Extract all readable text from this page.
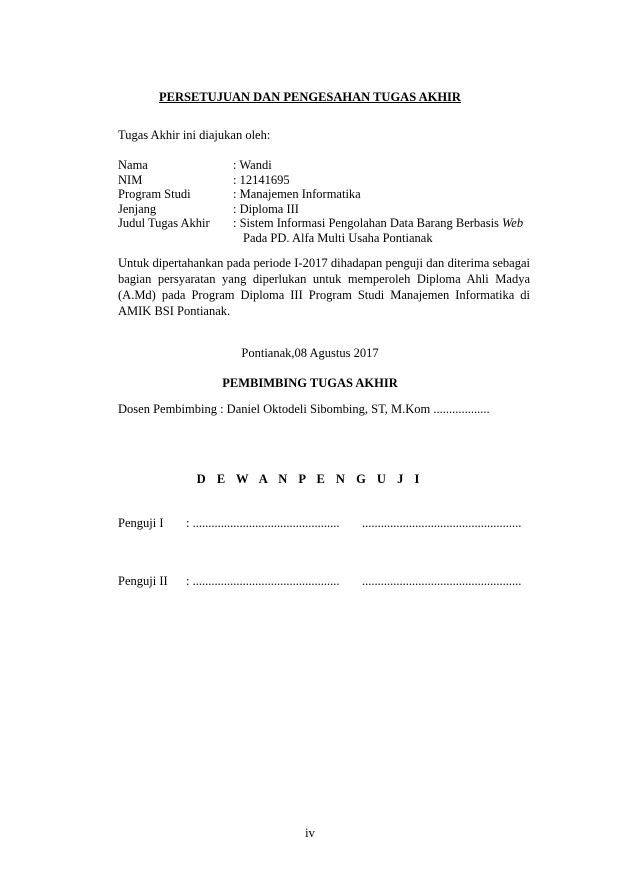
PERSETUJUAN DAN PENGESAHAN TUGAS AKHIR
Tugas Akhir ini diajukan oleh:
Nama	: Wandi
NIM	: 12141695
Program Studi	: Manajemen Informatika
Jenjang	: Diploma III
Judul Tugas Akhir : Sistem Informasi Pengolahan Data Barang Berbasis Web
Pada PD. Alfa Multi Usaha Pontianak
Untuk dipertahankan pada periode I-2017 dihadapan penguji dan diterima sebagai bagian persyaratan yang diperlukan untuk memperoleh Diploma Ahli Madya (A.Md) pada Program Diploma III Program Studi Manajemen Informatika di AMIK BSI Pontianak.
Pontianak,08 Agustus 2017
PEMBIMBING TUGAS AKHIR
Dosen Pembimbing : Daniel Oktodeli Sibombing, ST, M.Kom ..................
D E W A N P E N G U J I
Penguji I : ............................................... ...................................................
Penguji II : ............................................... ...................................................
iv
